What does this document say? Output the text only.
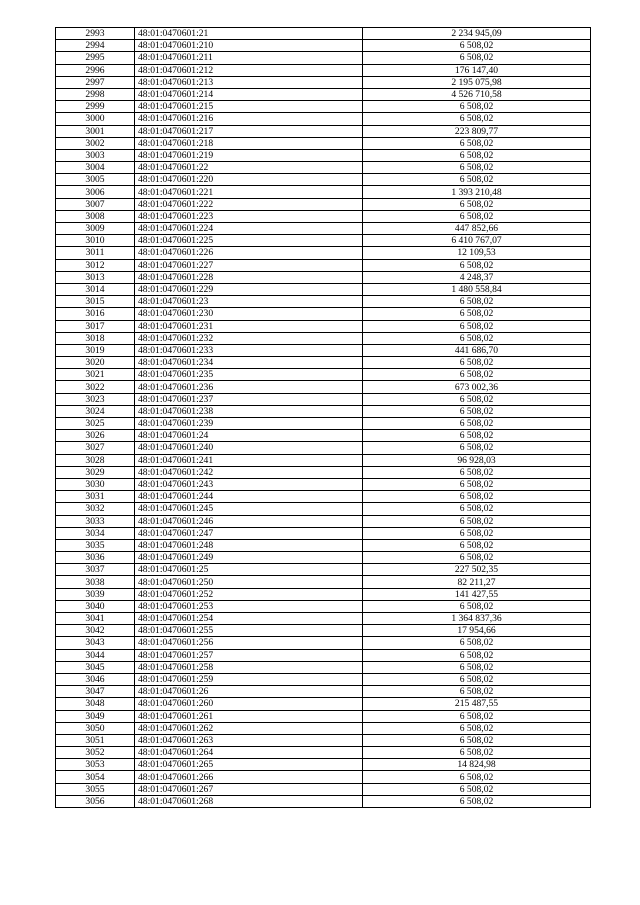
2993	48:01:0470601:21	2 234 945,09
2994	48:01:0470601:210	6 508,02
2995	48:01:0470601:211	6 508,02
2996	48:01:0470601:212	176 147,40
2997	48:01:0470601:213	2 195 075,98
2998	48:01:0470601:214	4 526 710,58
2999	48:01:0470601:215	6 508,02
3000	48:01:0470601:216	6 508,02
3001	48:01:0470601:217	223 809,77
3002	48:01:0470601:218	6 508,02
3003	48:01:0470601:219	6 508,02
3004	48:01:0470601:22	6 508,02
3005	48:01:0470601:220	6 508,02
3006	48:01:0470601:221	1 393 210,48
3007	48:01:0470601:222	6 508,02
3008	48:01:0470601:223	6 508,02
3009	48:01:0470601:224	447 852,66
3010	48:01:0470601:225	6 410 767,07
3011	48:01:0470601:226	12 109,53
3012	48:01:0470601:227	6 508,02
3013	48:01:0470601:228	4 248,37
3014	48:01:0470601:229	1 480 558,84
3015	48:01:0470601:23	6 508,02
3016	48:01:0470601:230	6 508,02
3017	48:01:0470601:231	6 508,02
3018	48:01:0470601:232	6 508,02
3019	48:01:0470601:233	441 686,70
3020	48:01:0470601:234	6 508,02
3021	48:01:0470601:235	6 508,02
3022	48:01:0470601:236	673 002,36
3023	48:01:0470601:237	6 508,02
3024	48:01:0470601:238	6 508,02
3025	48:01:0470601:239	6 508,02
3026	48:01:0470601:24	6 508,02
3027	48:01:0470601:240	6 508,02
3028	48:01:0470601:241	96 928,03
3029	48:01:0470601:242	6 508,02
3030	48:01:0470601:243	6 508,02
3031	48:01:0470601:244	6 508,02
3032	48:01:0470601:245	6 508,02
3033	48:01:0470601:246	6 508,02
3034	48:01:0470601:247	6 508,02
3035	48:01:0470601:248	6 508,02
3036	48:01:0470601:249	6 508,02
3037	48:01:0470601:25	227 502,35
3038	48:01:0470601:250	82 211,27
3039	48:01:0470601:252	141 427,55
3040	48:01:0470601:253	6 508,02
3041	48:01:0470601:254	1 364 837,36
3042	48:01:0470601:255	17 954,66
3043	48:01:0470601:256	6 508,02
3044	48:01:0470601:257	6 508,02
3045	48:01:0470601:258	6 508,02
3046	48:01:0470601:259	6 508,02
3047	48:01:0470601:26	6 508,02
3048	48:01:0470601:260	215 487,55
3049	48:01:0470601:261	6 508,02
3050	48:01:0470601:262	6 508,02
3051	48:01:0470601:263	6 508,02
3052	48:01:0470601:264	6 508,02
3053	48:01:0470601:265	14 824,98
3054	48:01:0470601:266	6 508,02
3055	48:01:0470601:267	6 508,02
3056	48:01:0470601:268	6 508,02
